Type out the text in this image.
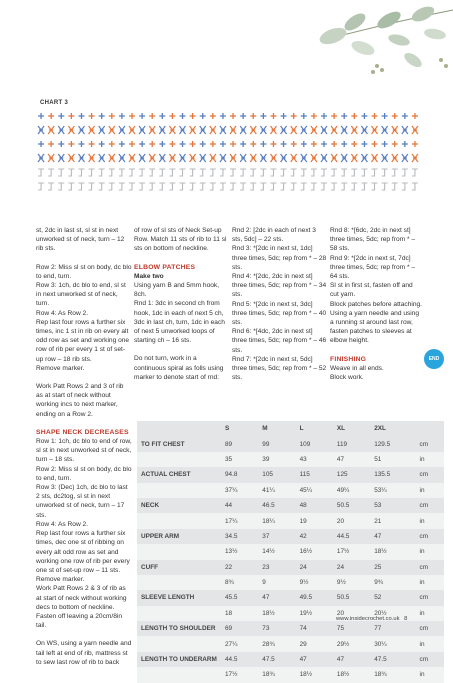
CHART 3

st, 2dc in last st, sl st in next unworked st of neck, turn – 12 rib sts.

Row 2: Miss sl st on body, dc blo to end, turn.

Row 3: 1ch, dc blo to end, sl st in next unworked st of neck, turn.

Row 4: As Row 2.

Rep last four rows a further six times, inc 1 st in rib on every alt odd row as set and working one row of rib per every 1 st of set-up row – 18 rib sts.

Remove marker.

Work Patt Rows 2 and 3 of rib as at start of neck without working incs to next marker, ending on a Row 2.

SHAPE NECK DECREASES

Row 1: 1ch, dc blo to end of row, sl st in next unworked st of neck, turn – 18 sts.

Row 2: Miss sl st on body, dc blo to end, turn.

Row 3: (Dec) 1ch, dc blo to last 2 sts, dc2tog, sl st in next unworked st of neck, turn – 17 sts.

Row 4: As Row 2.

Rep last four rows a further six times, dec one st of ribbing on every alt odd row as set and working one row of rib per every one st of set-up row – 11 sts.

Remove marker.

Work Patt Rows 2 & 3 of rib as at start of neck without working decs to bottom of neckline.

Fasten off leaving a 20cm/8in tail.

On WS, using a yarn needle and tail left at end of rib, mattress st to sew last row of rib to back

of row of sl sts of Neck Set-up Row. Match 11 sts of rib to 11 sl sts on bottom of neckline.

ELBOW PATCHES

Make two

Using yarn B and 5mm hook, 8ch.

Rnd 1: 3dc in second ch from hook, 1dc in each of next 5 ch, 3dc in last ch, turn, 1dc in each of next 5 unworked loops of starting ch – 16 sts.

Do not turn, work in a continuous spiral as folls using marker to denote start of rnd:

Rnd 2: [2dc in each of next 3 sts, 5dc] – 22 sts.

Rnd 3: *[2dc in next st, 1dc] three times, 5dc; rep from * – 28 sts.

Rnd 4: *[2dc, 2dc in next st] three times, 5dc; rep from * – 34 sts.

Rnd 5: *[2dc in next st, 3dc] three times, 5dc; rep from * – 40 sts.

Rnd 6: *[4dc, 2dc in next st] three times, 5dc; rep from * – 46 sts.

Rnd 7: *[2dc in next st, 5dc] three times, 5dc; rep from * – 52 sts.

Rnd 8: *[6dc, 2dc in next st] three times, 5dc; rep from * – 58 sts.

Rnd 9: *[2dc in next st, 7dc] three times, 5dc; rep from * – 64 sts.

Sl st in first st, fasten off and cut yarn.

Block patches before attaching.

Using a yarn needle and using a running st around last row, fasten patches to sleeves at elbow height.

FINISHING

Weave in all ends.

Block work.

END
	S	M	L	XL	2XL	
TO FIT CHEST	89	99	109	119	129.5	cm
	35	39	43	47	51	in
ACTUAL CHEST	94.8	105	115	125	135.5	cm
	37¼	41¼	45¼	49¼	53¼	in
NECK	44	46.5	48	50.5	53	cm
	17¼	18¼	19	20	21	in
UPPER ARM	34.5	37	42	44.5	47	cm
	13½	14½	16½	17½	18½	in
CUFF	22	23	24	24	25	cm
	8¾	9	9½	9½	9¾	in
SLEEVE LENGTH	45.5	47	49.5	50.5	52	cm
	18	18½	19½	20	20½	in
LENGTH TO SHOULDER	69	73	74	75	77	cm
	27¼	28¾	29	29½	30¼	in
LENGTH TO UNDERARM	44.5	47.5	47	47	47.5	cm
	17½	18¾	18½	18½	18¾	in
www.insidecrochet.co.uk 8
